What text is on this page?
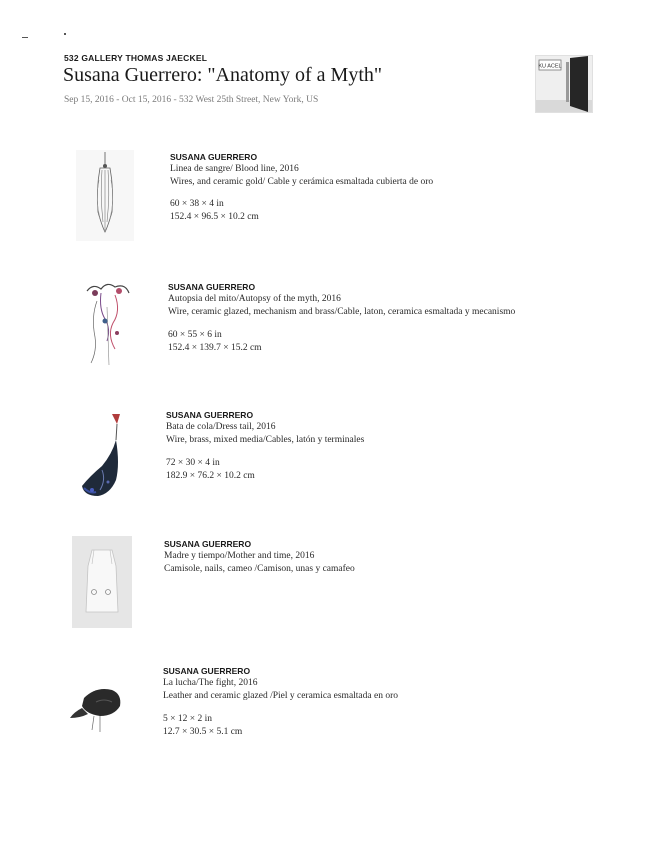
532 GALLERY THOMAS JAECKEL
Susana Guerrero: "Anatomy of a Myth"
Sep 15, 2016 - Oct 15, 2016 - 532 West 25th Street, New York, US
KU ACEL
SUSANA GUERRERO
Linea de sangre/ Blood line, 2016
Wires, and ceramic gold/ Cable y cerámica esmaltada cubierta de oro
60 × 38 × 4 in
152.4 × 96.5 × 10.2 cm
SUSANA GUERRERO
Autopsia del mito/Autopsy of the myth, 2016
Wire, ceramic glazed, mechanism and brass/Cable, laton, ceramica esmaltada y mecanismo
60 × 55 × 6 in
152.4 × 139.7 × 15.2 cm
SUSANA GUERRERO
Bata de cola/Dress tail, 2016
Wire, brass, mixed media/Cables, latón y terminales
72 × 30 × 4 in
182.9 × 76.2 × 10.2 cm
SUSANA GUERRERO
Madre y tiempo/Mother and time, 2016
Camisole, nails, cameo /Camison, unas y camafeo
SUSANA GUERRERO
La lucha/The fight, 2016
Leather and ceramic glazed /Piel y ceramica esmaltada en oro
5 × 12 × 2 in
12.7 × 30.5 × 5.1 cm
